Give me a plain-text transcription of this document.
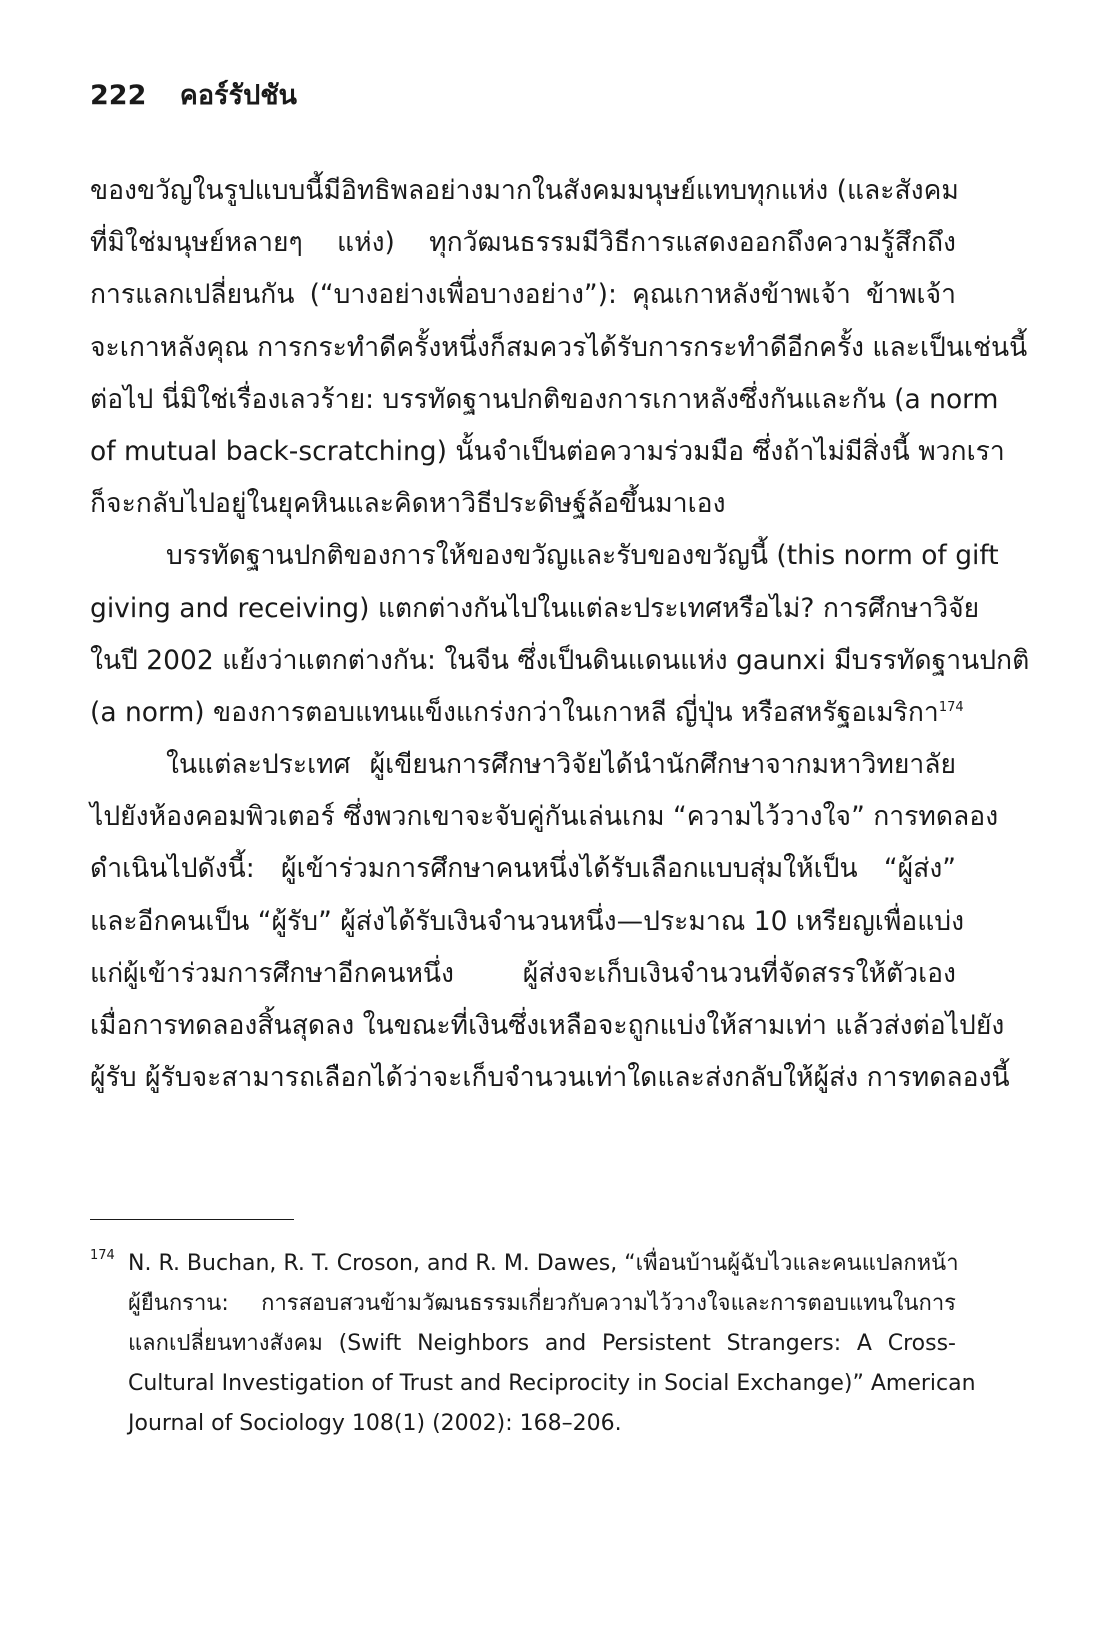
222 คอร์รัปชัน
ของขวัญในรูปแบบนี้มีอิทธิพลอย่างมากในสังคมมนุษย์แทบทุกแห่ง (และสังคม
ที่มิใช่มนุษย์หลายๆ แห่ง) ทุกวัฒนธรรมมีวิธีการแสดงออกถึงความรู้สึกถึง
การแลกเปลี่ยนกัน (“บางอย่างเพื่อบางอย่าง”): คุณเกาหลังข้าพเจ้า ข้าพเจ้า
จะเกาหลังคุณ การกระทำดีครั้งหนึ่งก็สมควรได้รับการกระทำดีอีกครั้ง และเป็นเช่นนี้
ต่อไป นี่มิใช่เรื่องเลวร้าย: บรรทัดฐานปกติของการเกาหลังซึ่งกันและกัน (a norm
of mutual back-scratching) นั้นจำเป็นต่อความร่วมมือ ซึ่งถ้าไม่มีสิ่งนี้ พวกเรา
ก็จะกลับไปอยู่ในยุคหินและคิดหาวิธีประดิษฐ์ล้อขึ้นมาเอง
บรรทัดฐานปกติของการให้ของขวัญและรับของขวัญนี้ (this norm of gift
giving and receiving) แตกต่างกันไปในแต่ละประเทศหรือไม่? การศึกษาวิจัย
ในปี 2002 แย้งว่าแตกต่างกัน: ในจีน ซึ่งเป็นดินแดนแห่ง gaunxi มีบรรทัดฐานปกติ
(a norm) ของการตอบแทนแข็งแกร่งกว่าในเกาหลี ญี่ปุ่น หรือสหรัฐอเมริกา$^{174}$
ในแต่ละประเทศ ผู้เขียนการศึกษาวิจัยได้นำนักศึกษาจากมหาวิทยาลัย
ไปยังห้องคอมพิวเตอร์ ซึ่งพวกเขาจะจับคู่กันเล่นเกม “ความไว้วางใจ” การทดลอง
ดำเนินไปดังนี้: ผู้เข้าร่วมการศึกษาคนหนึ่งได้รับเลือกแบบสุ่มให้เป็น “ผู้ส่ง”
และอีกคนเป็น “ผู้รับ” ผู้ส่งได้รับเงินจำนวนหนึ่ง—ประมาณ 10 เหรียญเพื่อแบ่ง
แก่ผู้เข้าร่วมการศึกษาอีกคนหนึ่ง ผู้ส่งจะเก็บเงินจำนวนที่จัดสรรให้ตัวเอง
เมื่อการทดลองสิ้นสุดลง ในขณะที่เงินซึ่งเหลือจะถูกแบ่งให้สามเท่า แล้วส่งต่อไปยัง
ผู้รับ ผู้รับจะสามารถเลือกได้ว่าจะเก็บจำนวนเท่าใดและส่งกลับให้ผู้ส่ง การทดลองนี้
174 N. R. Buchan, R. T. Croson, and R. M. Dawes, “เพื่อนบ้านผู้ฉับไวและคนแปลกหน้า
ผู้ยืนกราน: การสอบสวนข้ามวัฒนธรรมเกี่ยวกับความไว้วางใจและการตอบแทนในการ
แลกเปลี่ยนทางสังคม (Swift Neighbors and Persistent Strangers: A Cross-
Cultural Investigation of Trust and Reciprocity in Social Exchange)” American
Journal of Sociology 108(1) (2002): 168–206.
